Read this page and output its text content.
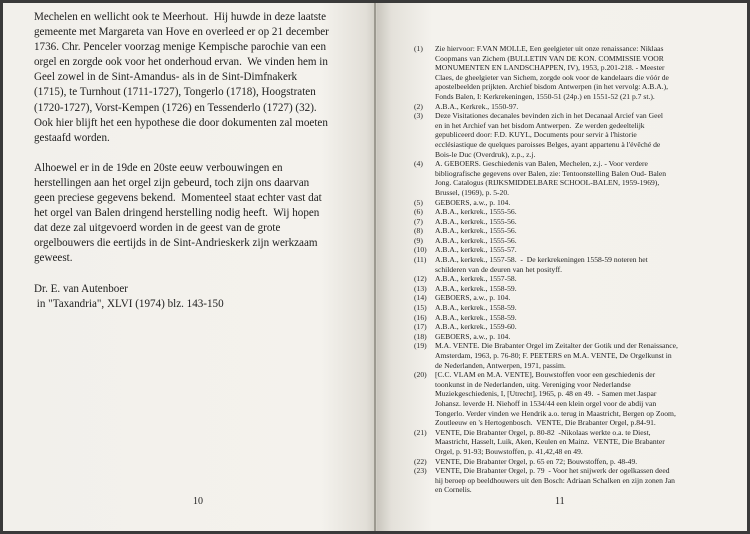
Mechelen en wellicht ook te Meerhout.  Hij huwde in deze laatste
gemeente met Margareta van Hove en overleed er op 21 december
1736. Chr. Penceler voorzag menige Kempische parochie van een
orgel en zorgde ook voor het onderhoud ervan.  We vinden hem in
Geel zowel in de Sint-Amandus- als in de Sint-Dimfnakerk
(1715), te Turnhout (1711-1727), Tongerlo (1718), Hoogstraten
(1720-1727), Vorst-Kempen (1726) en Tessenderlo (1727) (32).
Ook hier blijft het een hypothese die door dokumenten zal moeten
gestaafd worden.
Alhoewel er in de 19de en 20ste eeuw verbouwingen en
herstellingen aan het orgel zijn gebeurd, toch zijn ons daarvan
geen preciese gegevens bekend.  Momenteel staat echter vast dat
het orgel van Balen dringend herstelling nodig heeft.  Wij hopen
dat deze zal uitgevoerd worden in de geest van de grote
orgelbouwers die eertijds in de Sint-Andrieskerk zijn werkzaam
geweest.
Dr. E. van Autenboer
in "Taxandria", XLVI (1974) blz. 143-150
10
(1)	Zie hiervoor: F.VAN MOLLE, Een geelgieter uit onze renaissance: Niklaas
Coopmans van Zichem (BULLETIN VAN DE KON. COMMISSIE VOOR
MONUMENTEN EN LANDSCHAPPEN, IV), 1953, p.201-218. - Meester
Claes, de gheelgieter van Sichem, zorgde ook voor de kandelaars die vóór de
apostelbeelden prijkten. Archief bisdom Antwerpen (in het vervolg: A.B.A.),
Fonds Balen, I: Kerkrekeningen, 1550-51 (24p.) en 1551-52 (21 p.7 st.).
(2)	A.B.A., Kerkrek., 1550-97.
(3)	Deze Visitationes decanales bevinden zich in het Decanaal Arcief van Geel
en in het Archief van het bisdom Antwerpen.  Ze werden gedeeltelijk
gepubliceerd door: F.D. KUYL, Documents pour servir à l'historie
ecclésiastique de quelques paroisses Belges, ayant appartenu à l'évêché de
Bois-le Duc (Overdruk), z.p., z.j.
(4)	A. GEBOERS. Geschiedenis van Balen, Mechelen, z.j. - Voor verdere
bibliografische gegevens over Balen, zie: Tentoonstelling Balen Oud- Balen
Jong. Catalogus (RIJKSMIDDELBARE SCHOOL-BALEN, 1959-1969),
Brussel, (1969), p. 5-20.
(5)	GEBOERS, a.w., p. 104.
(6)	A.B.A., kerkrek., 1555-56.
(7)	A.B.A., kerkrek., 1555-56.
(8)	A.B.A., kerkrek., 1555-56.
(9)	A.B.A., kerkrek., 1555-56.
(10)	A.B.A., kerkrek., 1555-57.
(11)	A.B.A., kerkrek., 1557-58.  -  De kerkrekeningen 1558-59 noteren het
schilderen van de deuren van het posityff.
(12)	A.B.A., kerkrek., 1557-58.
(13)	A.B.A., kerkrek., 1558-59.
(14)	GEBOERS, a.w., p. 104.
(15)	A.B.A., kerkrek., 1558-59.
(16)	A.B.A., kerkrek., 1558-59.
(17)	A.B.A., kerkrek., 1559-60.
(18)	GEBOERS, a.w., p. 104.
(19)	M.A. VENTE. Die Brabanter Orgel im Zeitalter der Gotik und der Renaissance,
Amsterdam, 1963, p. 76-80; F. PEETERS en M.A. VENTE, De Orgelkunst in
de Nederlanden, Antwerpen, 1971, passim.
(20)	[C.C. VLAM en M.A. VENTE], Bouwstoffen voor een geschiedenis der
toonkunst in de Nederlanden, uitg. Vereniging voor Nederlandse
Muziekgeschiedenis, I, [Utrecht], 1965, p. 48 en 49.  - Samen met Jaspar
Johansz. leverde H. Niehoff in 1534/44 een klein orgel voor de abdij van
Tongerlo. Verder vinden we Hendrik a.o. terug in Maastricht, Bergen op Zoom,
Zoutleeuw en 's Hertogenbosch.  VENTE, Die Brabanter Orgel, p.84-91.
(21)	VENTE, Die Brabanter Orgel, p. 80-82  -Nikolaas werkte o.a. te Diest,
Maastricht, Hasselt, Luik, Aken, Keulen en Mainz.  VENTE, Die Brabanter
Orgel, p. 91-93; Bouwstoffen, p. 41,42,48 en 49.
(22)	VENTE, Die Brabanter Orgel, p. 65 en 72; Bouwstoffen, p. 48-49.
(23)	VENTE, Die Brabanter Orgel, p. 79  - Voor het snijwerk der ogelkassen deed
hij beroep op beeldhouwers uit den Bosch: Adriaan Schalken en zijn zonen Jan
en Cornelis.
11
